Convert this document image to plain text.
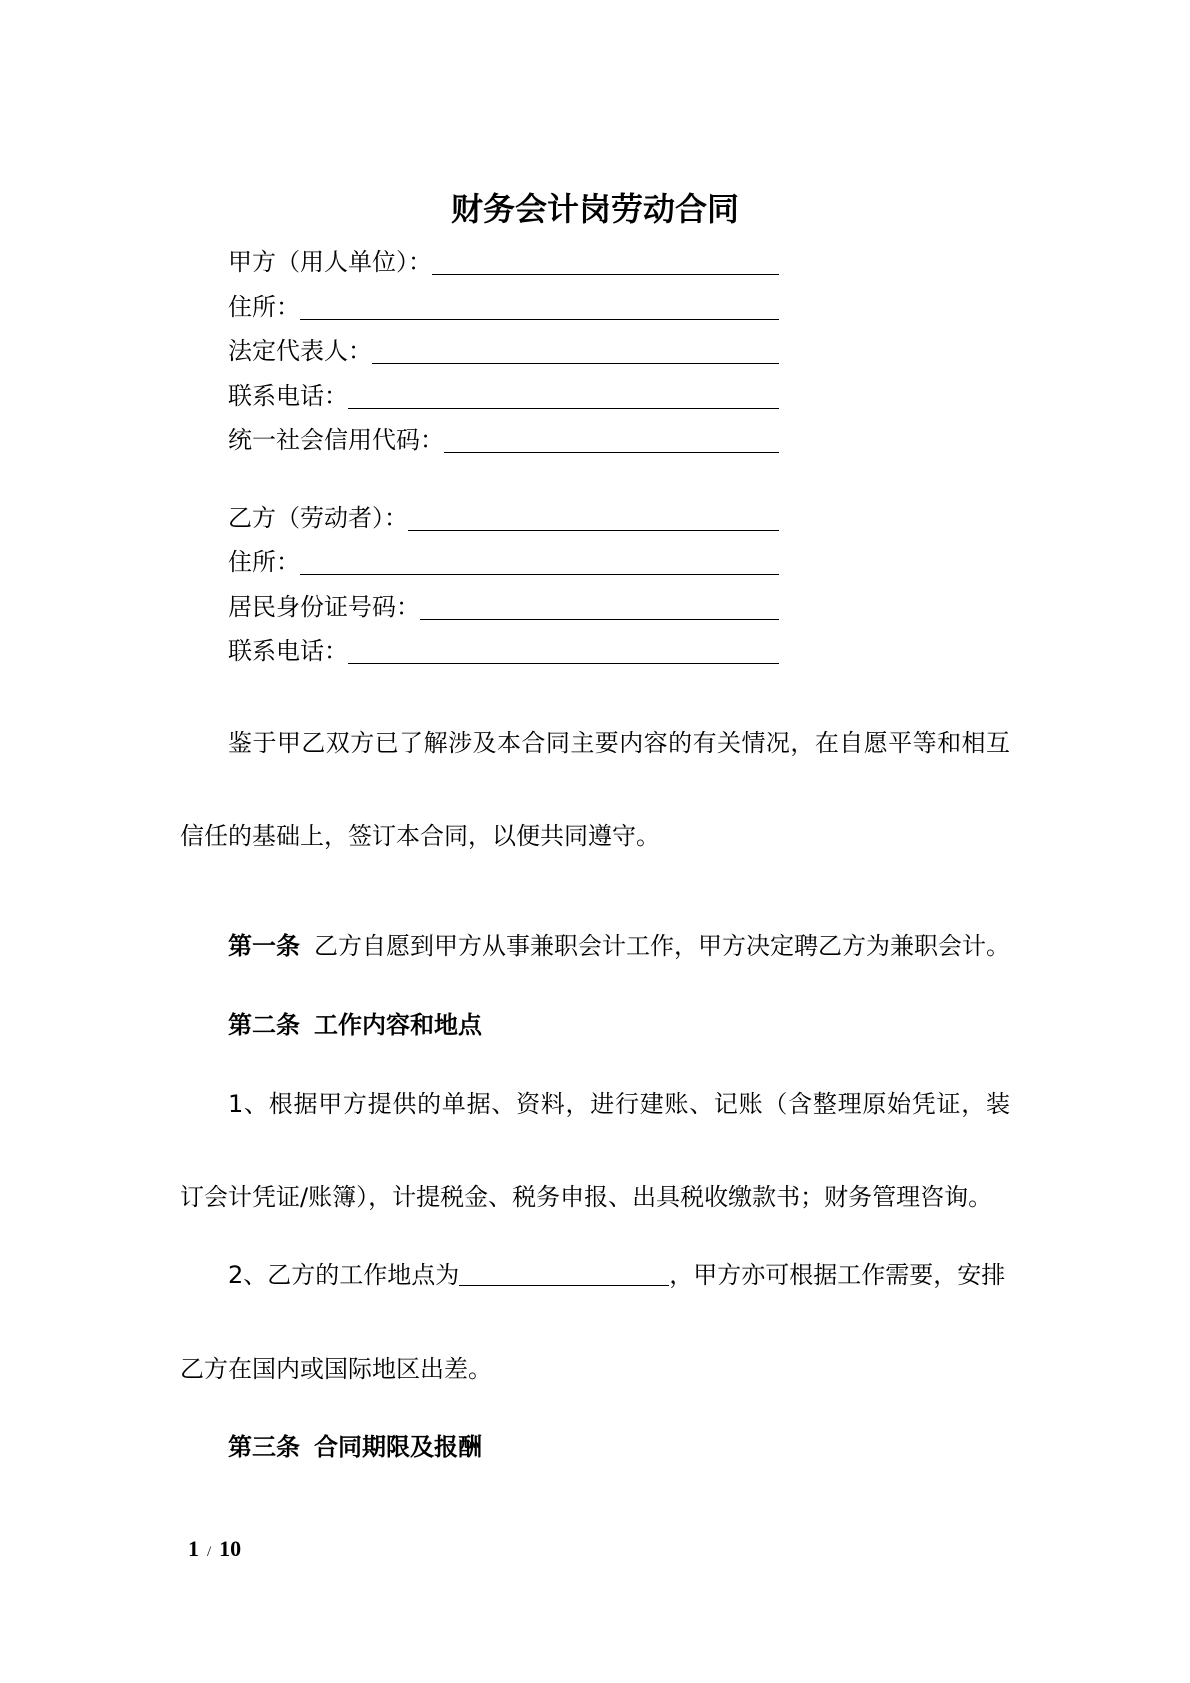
财务会计岗劳动合同
甲方（用人单位）：
住所：
法定代表人：
联系电话：
统一社会信用代码：
乙方（劳动者）：
住所：
居民身份证号码：
联系电话：
鉴于甲乙双方已了解涉及本合同主要内容的有关情况，在自愿平等和相互
信任的基础上，签订本合同，以便共同遵守。
第一条 乙方自愿到甲方从事兼职会计工作，甲方决定聘乙方为兼职会计。
第二条 工作内容和地点
1、根据甲方提供的单据、资料，进行建账、记账（含整理原始凭证，装
订会计凭证/账簿），计提税金、税务申报、出具税收缴款书；财务管理咨询。
2、乙方的工作地点为	，甲方亦可根据工作需要，安排
乙方在国内或国际地区出差。
第三条 合同期限及报酬
1 / 10
